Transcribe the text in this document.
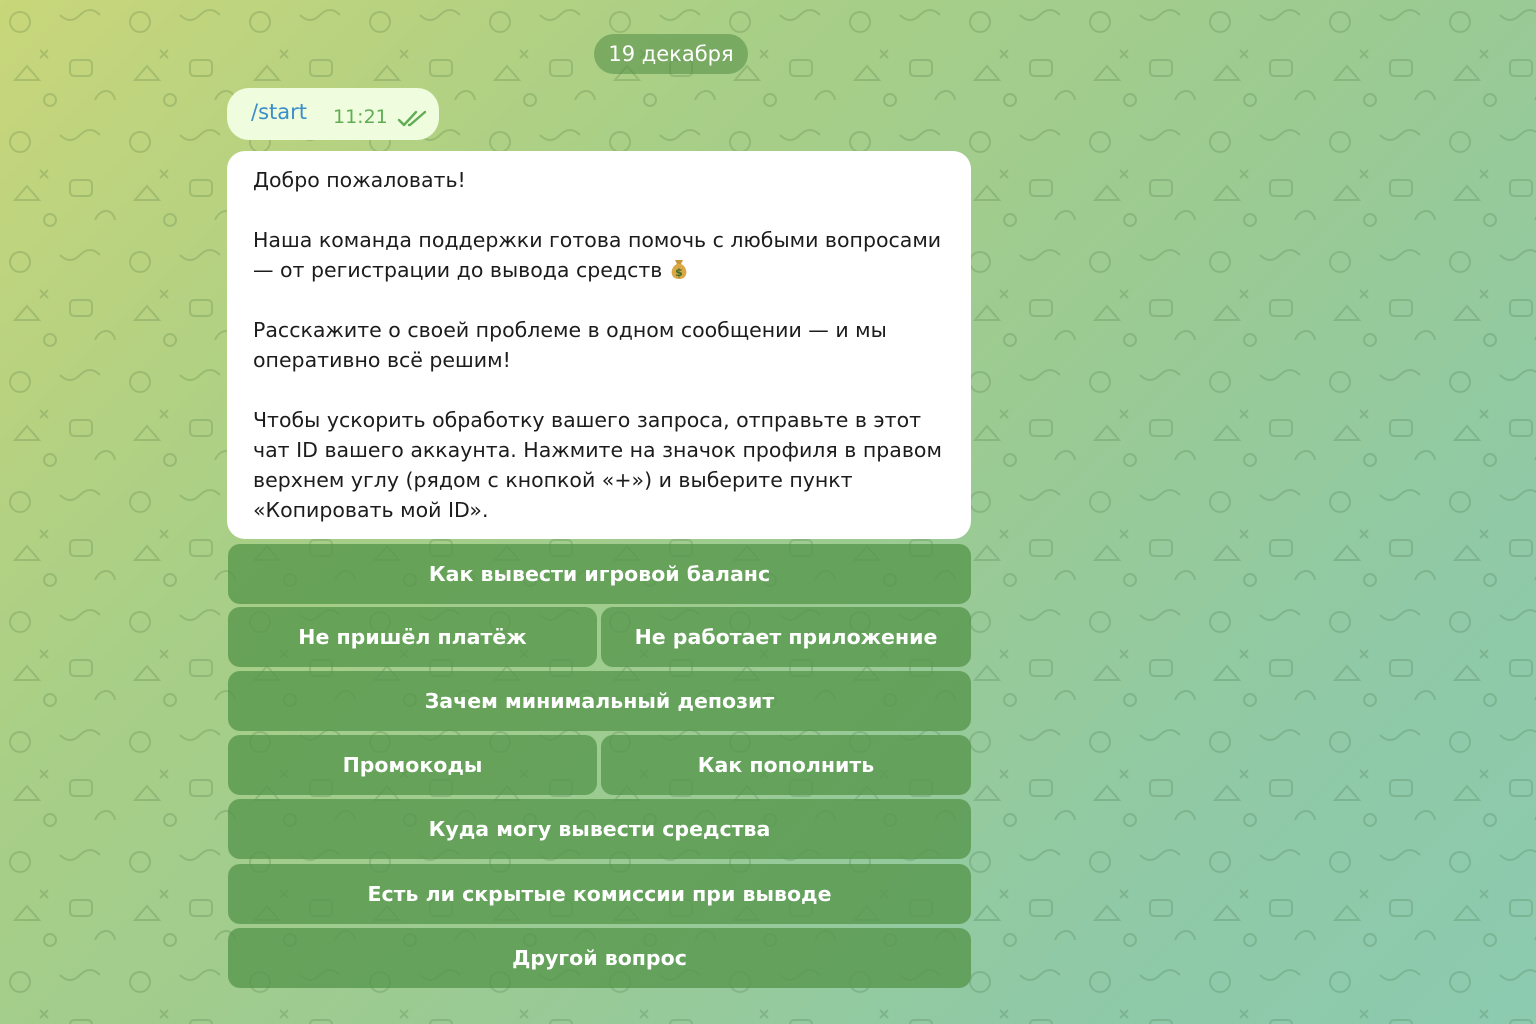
19 декабря
/start 11:21

Добро пожаловать!

Наша команда поддержки готова помочь с любыми вопросами — от регистрации до вывода средств $

Расскажите о своей проблеме в одном сообщении — и мы оперативно всё решим!

Чтобы ускорить обработку вашего запроса, отправьте в этот чат ID вашего аккаунта. Нажмите на значок профиля в правом верхнем углу (рядом с кнопкой «+») и выберите пункт «Копировать мой ID».

Как вывести игровой баланс
Не пришёл платёж	Не работает приложение
Зачем минимальный депозит
Промокоды	Как пополнить
Куда могу вывести средства
Есть ли скрытые комиссии при выводе
Другой вопрос
